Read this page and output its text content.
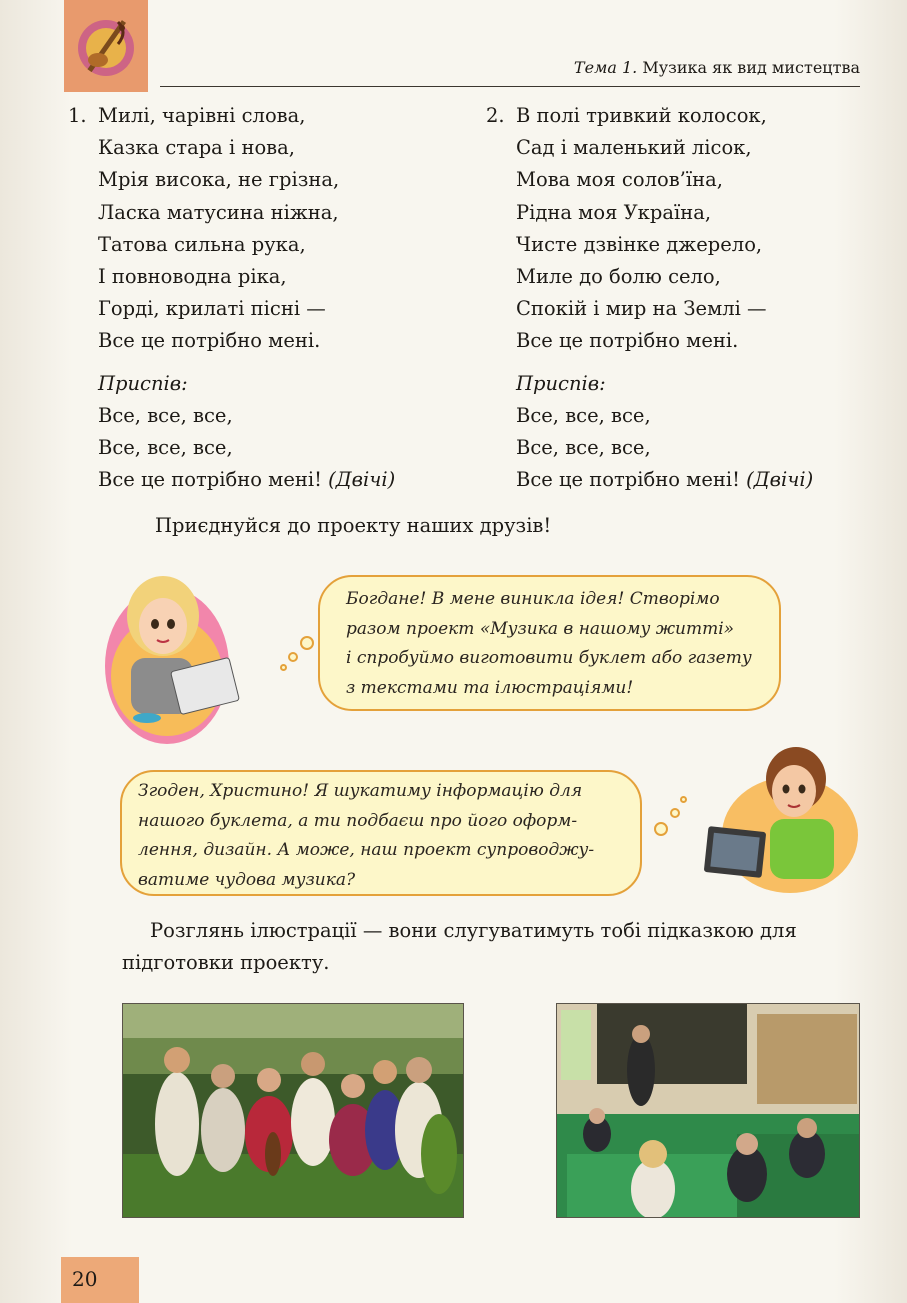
Тема 1. Музика як вид мистецтва
1. Милі, чарівні слова,
Казка стара і нова,
Мрія висока, не грізна,
Ласка матусина ніжна,
Татова сильна рука,
І повноводна ріка,
Горді, крилаті пісні —
Все це потрібно мені.
Приспів:
Все, все, все,
Все, все, все,
Все це потрібно мені! (Двічі)
2. В полі тривкий колосок,
Сад і маленький лісок,
Мова моя солов’їна,
Рідна моя Україна,
Чисте дзвінке джерело,
Миле до болю село,
Спокій і мир на Землі —
Все це потрібно мені.
Приспів:
Все, все, все,
Все, все, все,
Все це потрібно мені! (Двічі)
Приєднуйся до проекту наших друзів!
Богдане! В мене виникла ідея! Створімо
разом проект «Музика в нашому житті»
і спробуймо виготовити буклет або газету
з текстами та ілюстраціями!
Згоден, Христино! Я шукатиму інформацію для
нашого буклета, а ти подбаєш про його оформ-
лення, дизайн. А може, наш проект супроводжу-
ватиме чудова музика?
Розглянь ілюстрації — вони слугуватимуть тобі підказкою для
підготовки проекту.
20
